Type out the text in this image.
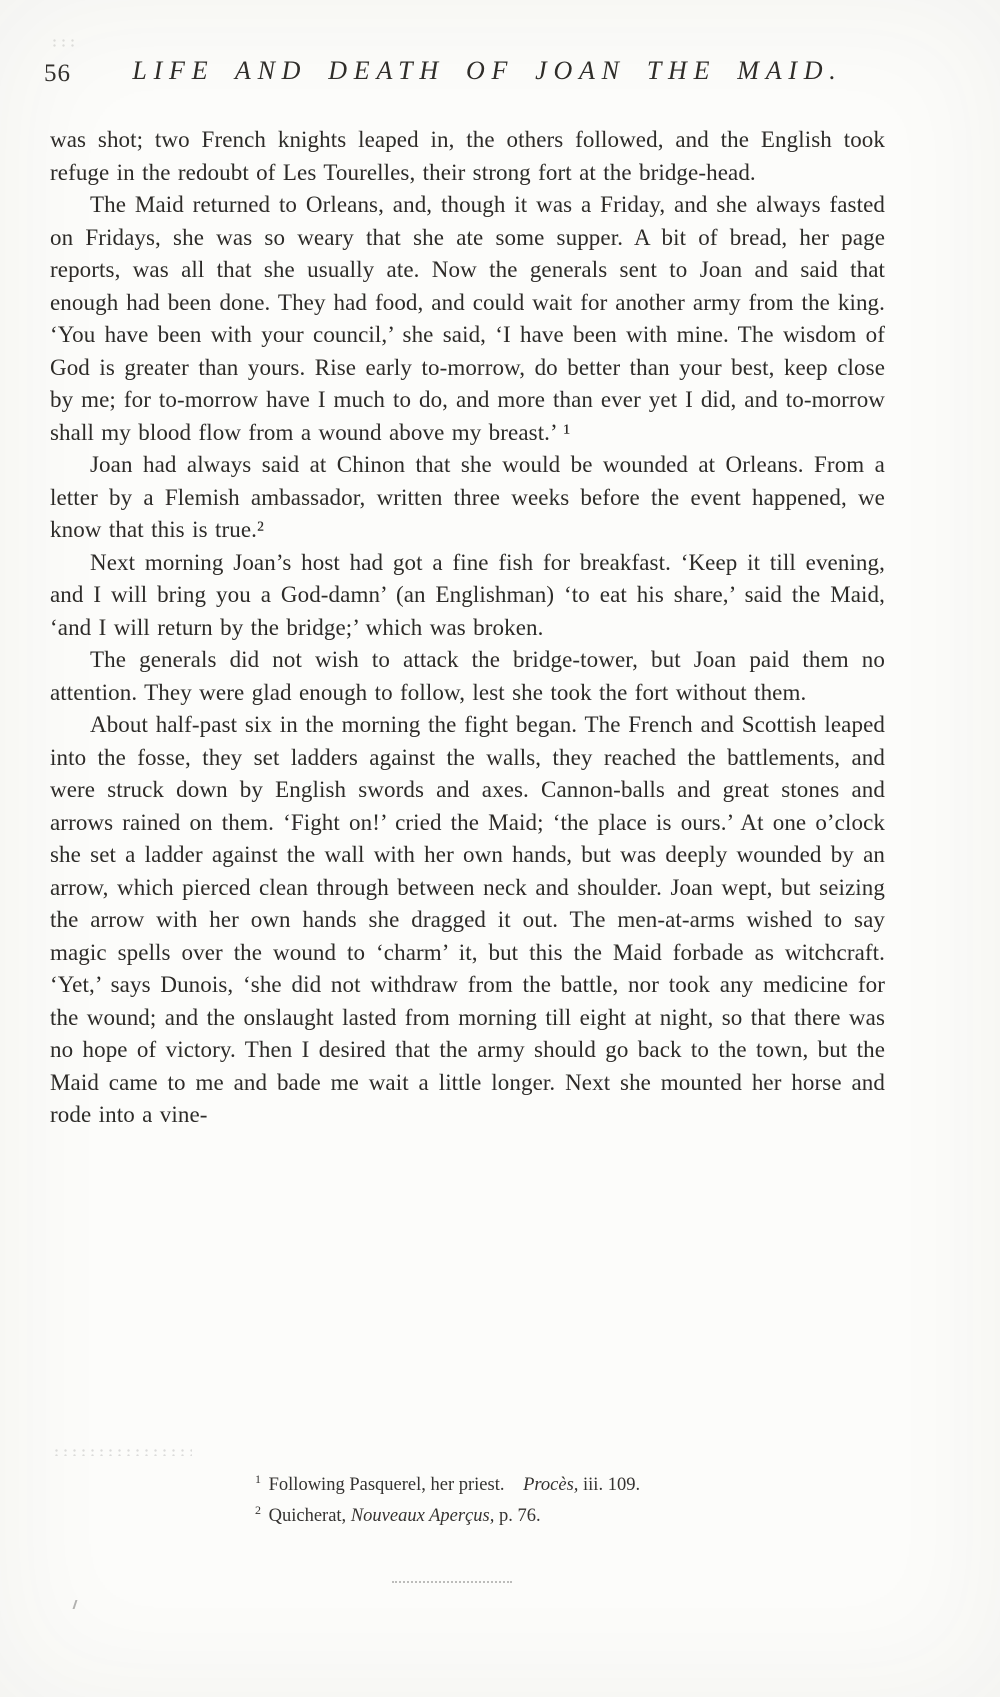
56	LIFE AND DEATH OF JOAN THE MAID.

was shot; two French knights leaped in, the others followed, and the English took refuge in the redoubt of Les Tourelles, their strong fort at the bridge-head.

The Maid returned to Orleans, and, though it was a Friday, and she always fasted on Fridays, she was so weary that she ate some supper. A bit of bread, her page reports, was all that she usually ate. Now the generals sent to Joan and said that enough had been done. They had food, and could wait for another army from the king. ‘You have been with your council,’ she said, ‘I have been with mine. The wisdom of God is greater than yours. Rise early to-morrow, do better than your best, keep close by me; for to-morrow have I much to do, and more than ever yet I did, and to-morrow shall my blood flow from a wound above my breast.’ ¹

Joan had always said at Chinon that she would be wounded at Orleans. From a letter by a Flemish ambassador, written three weeks before the event happened, we know that this is true.²

Next morning Joan’s host had got a fine fish for breakfast. ‘Keep it till evening, and I will bring you a God-damn’ (an Englishman) ‘to eat his share,’ said the Maid, ‘and I will return by the bridge;’ which was broken.

The generals did not wish to attack the bridge-tower, but Joan paid them no attention. They were glad enough to follow, lest she took the fort without them.

About half-past six in the morning the fight began. The French and Scottish leaped into the fosse, they set ladders against the walls, they reached the battlements, and were struck down by English swords and axes. Cannon-balls and great stones and arrows rained on them. ‘Fight on!’ cried the Maid; ‘the place is ours.’ At one o’clock she set a ladder against the wall with her own hands, but was deeply wounded by an arrow, which pierced clean through between neck and shoulder. Joan wept, but seizing the arrow with her own hands she dragged it out. The men-at-arms wished to say magic spells over the wound to ‘charm’ it, but this the Maid forbade as witchcraft. ‘Yet,’ says Dunois, ‘she did not withdraw from the battle, nor took any medicine for the wound; and the onslaught lasted from morning till eight at night, so that there was no hope of victory. Then I desired that the army should go back to the town, but the Maid came to me and bade me wait a little longer. Next she mounted her horse and rode into a vine-

$^1$ Following Pasquerel, her priest. Procès, iii. 109.

$^2$ Quicherat, Nouveaux Aperçus, p. 76.
